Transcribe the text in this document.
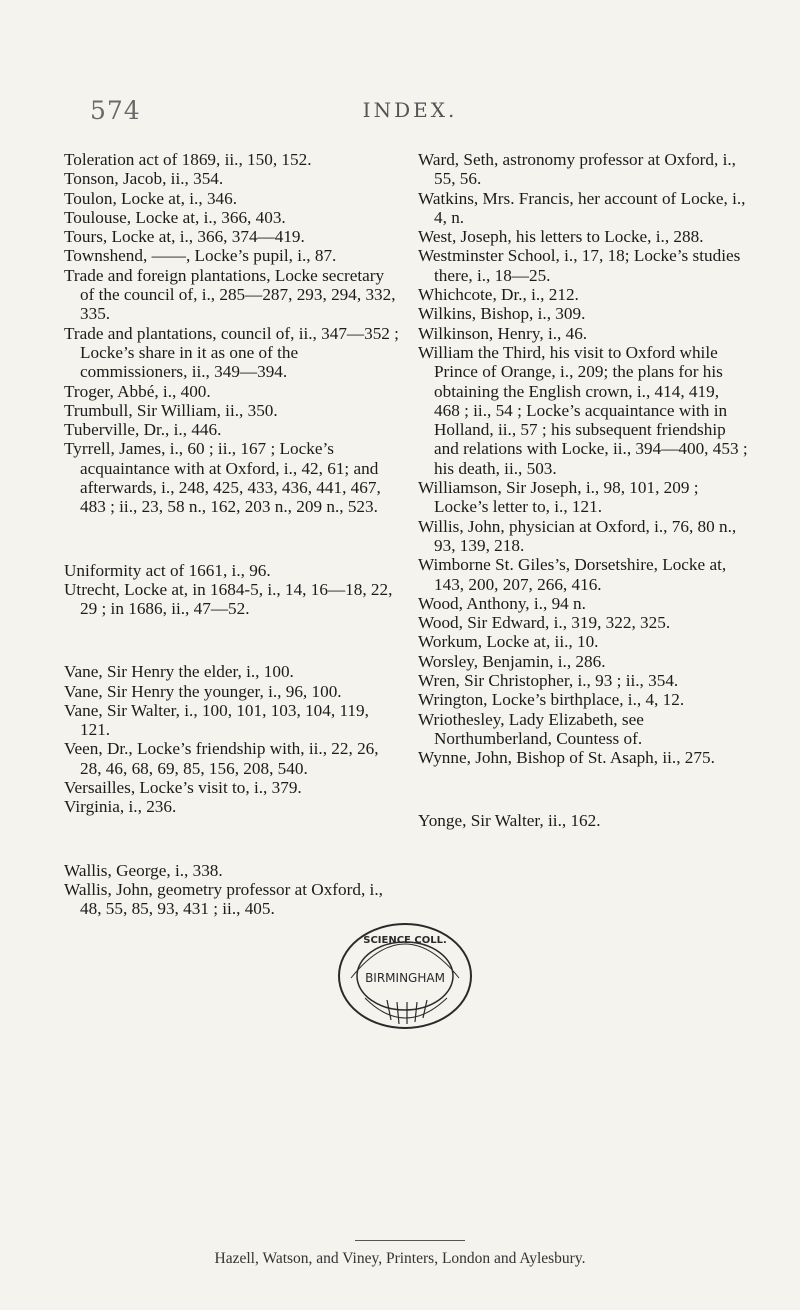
574	INDEX.

Toleration act of 1869, ii., 150, 152.

Tonson, Jacob, ii., 354.

Toulon, Locke at, i., 346.

Toulouse, Locke at, i., 366, 403.

Tours, Locke at, i., 366, 374—419.

Townshend, ——, Locke’s pupil, i., 87.

Trade and foreign plantations, Locke secretary of the council of, i., 285—287, 293, 294, 332, 335.

Trade and plantations, council of, ii., 347—352 ; Locke’s share in it as one of the commissioners, ii., 349—394.

Troger, Abbé, i., 400.

Trumbull, Sir William, ii., 350.

Tuberville, Dr., i., 446.

Tyrrell, James, i., 60 ; ii., 167 ; Locke’s acquaintance with at Oxford, i., 42, 61; and afterwards, i., 248, 425, 433, 436, 441, 467, 483 ; ii., 23, 58 n., 162, 203 n., 209 n., 523.

Uniformity act of 1661, i., 96.

Utrecht, Locke at, in 1684-5, i., 14, 16—18, 22, 29 ; in 1686, ii., 47—52.

Vane, Sir Henry the elder, i., 100.

Vane, Sir Henry the younger, i., 96, 100.

Vane, Sir Walter, i., 100, 101, 103, 104, 119, 121.

Veen, Dr., Locke’s friendship with, ii., 22, 26, 28, 46, 68, 69, 85, 156, 208, 540.

Versailles, Locke’s visit to, i., 379.

Virginia, i., 236.

Wallis, George, i., 338.

Wallis, John, geometry professor at Oxford, i., 48, 55, 85, 93, 431 ; ii., 405.

Ward, Seth, astronomy professor at Oxford, i., 55, 56.

Watkins, Mrs. Francis, her account of Locke, i., 4, n.

West, Joseph, his letters to Locke, i., 288.

Westminster School, i., 17, 18; Locke’s studies there, i., 18—25.

Whichcote, Dr., i., 212.

Wilkins, Bishop, i., 309.

Wilkinson, Henry, i., 46.

William the Third, his visit to Oxford while Prince of Orange, i., 209; the plans for his obtaining the English crown, i., 414, 419, 468 ; ii., 54 ; Locke’s acquaintance with in Holland, ii., 57 ; his subsequent friendship and relations with Locke, ii., 394—400, 453 ; his death, ii., 503.

Williamson, Sir Joseph, i., 98, 101, 209 ; Locke’s letter to, i., 121.

Willis, John, physician at Oxford, i., 76, 80 n., 93, 139, 218.

Wimborne St. Giles’s, Dorsetshire, Locke at, 143, 200, 207, 266, 416.

Wood, Anthony, i., 94 n.

Wood, Sir Edward, i., 319, 322, 325.

Workum, Locke at, ii., 10.

Worsley, Benjamin, i., 286.

Wren, Sir Christopher, i., 93 ; ii., 354.

Wrington, Locke’s birthplace, i., 4, 12.

Wriothesley, Lady Elizabeth, see Northumberland, Countess of.

Wynne, John, Bishop of St. Asaph, ii., 275.

Yonge, Sir Walter, ii., 162.

SCIENCE COLL.
BIRMINGHAM
Hazell, Watson, and Viney, Printers, London and Aylesbury.
